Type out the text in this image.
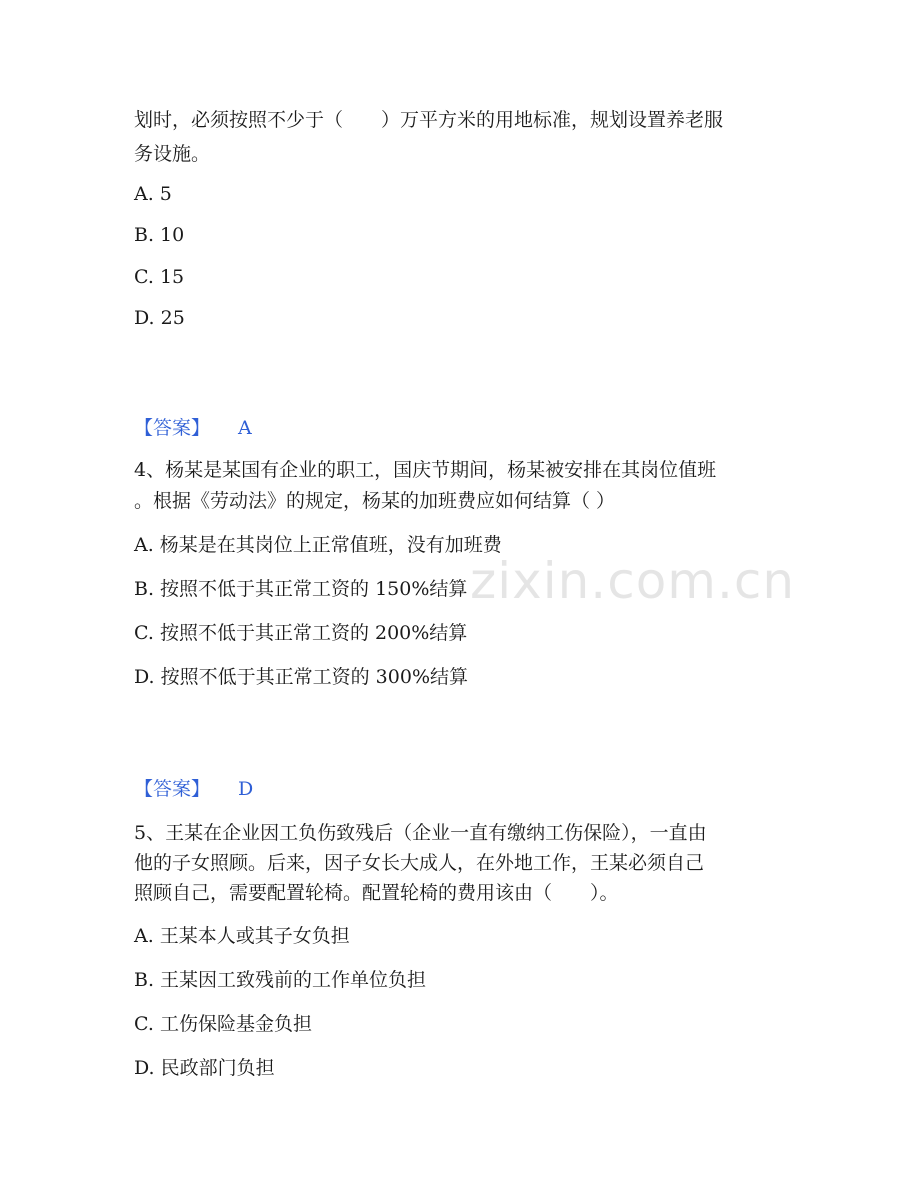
zixin.com.cn
划时，必须按照不少于（　　）万平方米的用地标准，规划设置养老服
务设施。
A. 5
B. 10
C. 15
D. 25
【答案】 A
4、杨某是某国有企业的职工，国庆节期间，杨某被安排在其岗位值班
。根据《劳动法》的规定，杨某的加班费应如何结算（ ）
A. 杨某是在其岗位上正常值班，没有加班费
B. 按照不低于其正常工资的 150%结算
C. 按照不低于其正常工资的 200%结算
D. 按照不低于其正常工资的 300%结算
【答案】 D
5、王某在企业因工负伤致残后（企业一直有缴纳工伤保险），一直由
他的子女照顾。后来，因子女长大成人，在外地工作，王某必须自己
照顾自己，需要配置轮椅。配置轮椅的费用该由（　　）。
A. 王某本人或其子女负担
B. 王某因工致残前的工作单位负担
C. 工伤保险基金负担
D. 民政部门负担
